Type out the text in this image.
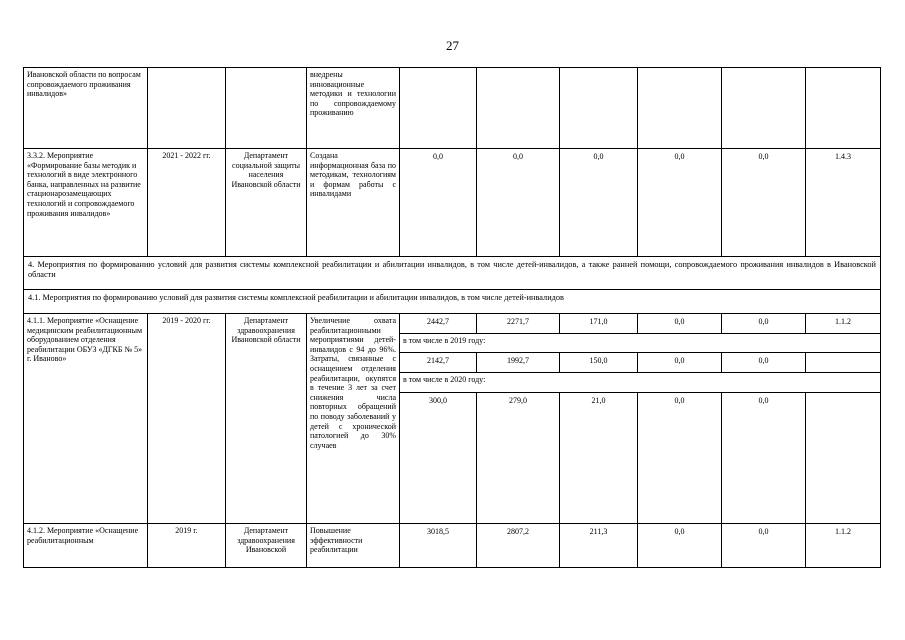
27
Ивановской области по вопросам сопровождаемого проживания инвалидов»			внедрены инновационные методики и технологии по сопровождаемому проживанию						
3.3.2. Мероприятие «Формирование базы методик и технологий в виде электронного банка, направленных на развитие стационарозамещающих технологий и сопровождаемого проживания инвалидов»	2021 - 2022 гг.	Департамент социальной защиты населения Ивановской области	Создана информационная база по методикам, технологиям и формам работы с инвалидами	0,0	0,0	0,0	0,0	0,0	1.4.3
4. Мероприятия по формированию условий для развития системы комплексной реабилитации и абилитации инвалидов, в том числе детей-инвалидов, а также ранней помощи, сопровождаемого проживания инвалидов в Ивановской области									
4.1. Мероприятия по формированию условий для развития системы комплексной реабилитации и абилитации инвалидов, в том числе детей-инвалидов									
4.1.1. Мероприятие «Оснащение медицинским реабилитационным оборудованием отделения реабилитации ОБУЗ «ДГКБ № 5» г. Иваново»	2019 - 2020 гг.	Департамент здравоохранения Ивановской области	Увеличение охвата реабилитационными мероприятиями детей-инвалидов с 94 до 96%. Затраты, связанные с оснащением отделения реабилитации, окупятся в течение 3 лет за счет снижения числа повторных обращений по поводу заболеваний у детей с хронической патологией до 30% случаев	2442,7	2271,7	171,0	0,0	0,0	1.1.2
				в том числе в 2019 году:					
				2142,7	1992,7	150,0	0,0	0,0	
				в том числе в 2020 году:					
				300,0	279,0	21,0	0,0	0,0	
4.1.2. Мероприятие «Оснащение реабилитационным	2019 г.	Департамент здравоохранения Ивановской	Повышение эффективности реабилитации	3018,5	2807,2	211,3	0,0	0,0	1.1.2
